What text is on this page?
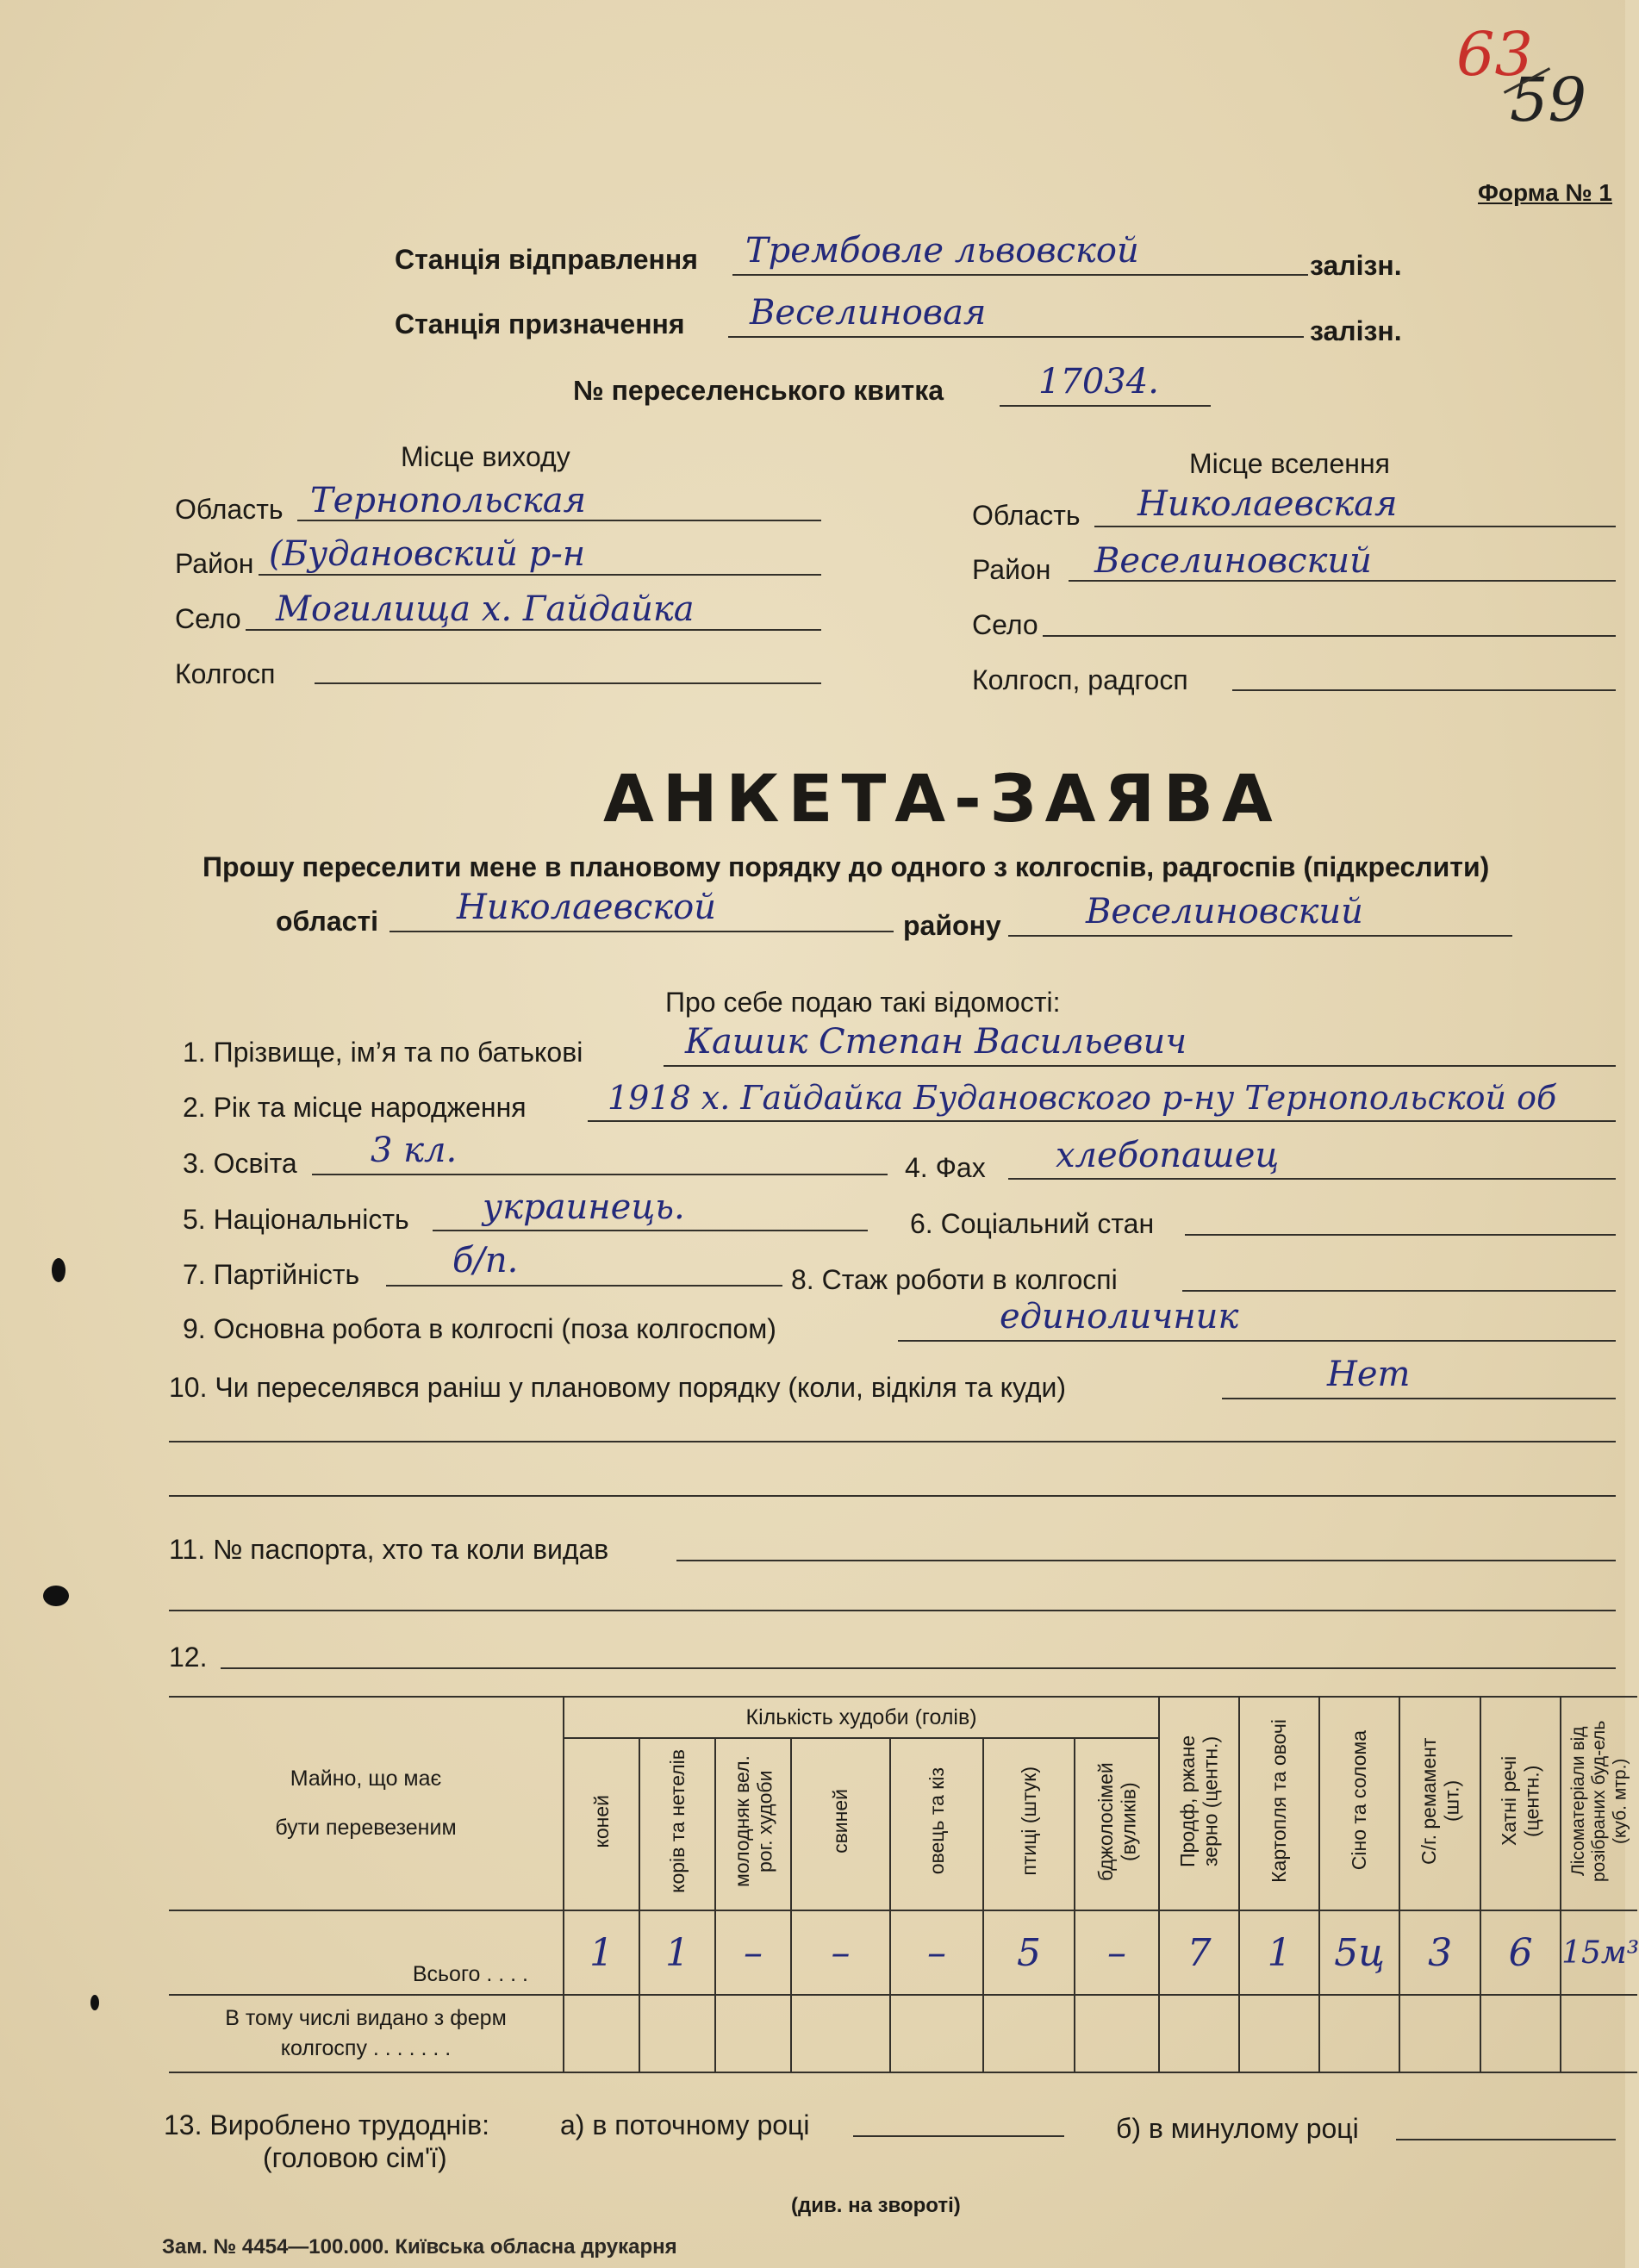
63
59
Форма № 1
Станція відправлення Трембовле львовской	залізн.
Станція призначення Веселиновая	залізн.
№ переселенського квитка	17034.
Місце виходу
Область Тернопольская
Район (Будановский р-н
Село Могилища х. Гайдайка
Колгосп
Місце вселення
Область Николаевская
Район Веселиновский
Село
Колгосп, радгосп
АНКЕТА-ЗАЯВА
Прошу переселити мене в плановому порядку до одного з колгоспів, радгоспів (підкреслити)
області Николаевской	району Веселиновский
Про себе подаю такі відомості:
1. Прізвище, ім’я та по батькові	Кашик Степан Васильевич
2. Рік та місце народження 1918 х. Гайдайка Будановского р-ну Тернопольской об
3. Освіта 3 кл.	4. Фах хлебопашец
5. Національність украинець.	6. Соціальний стан
7. Партійність	б/п.	8. Стаж роботи в колгоспі
9. Основна робота в колгоспі (поза колгоспом)	единоличник
10. Чи переселявся раніш у плановому порядку (коли, відкіля та куди)	Нет
11. № паспорта, хто та коли видав
12.
Майно, що має бути перевезеним	Кількість худоби (голів)							Продф, ржане зерно (центн.)	Картопля та овочі	Сіно та солома	С/г. ремамент (шт.)	Хатні речі (центн.)	Лісоматеріали від розібраних буд-ель (куб. мтр.)
	коней	корів та нетелів	молодняк вел. рог. худоби	свиней	овець та кіз	птиці (штук)	бджолосімей (вуликів)						
Всього . . . .	1	1	–	–	–	5	–	7	1	5ц	3	6	15м³
В тому числі видано з ферм колгоспу . . . . . . .													
13. Вироблено трудоднів:
(головою сім'ї)
а) в поточному році	б) в минулому році
(див. на звороті)
Зам. № 4454—100.000. Київська обласна друкарня
